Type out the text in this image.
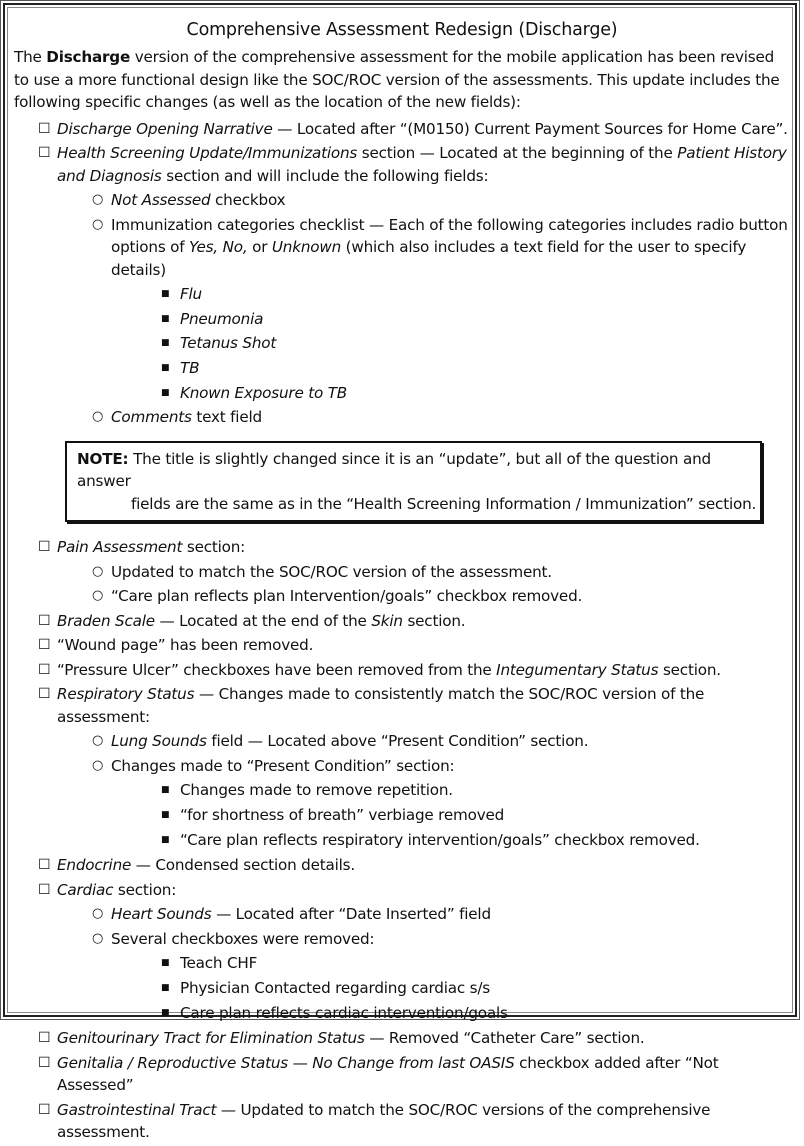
Comprehensive Assessment Redesign (Discharge)

The Discharge version of the comprehensive assessment for the mobile application has been revised to use a more functional design like the SOC/ROC version of the assessments. This update includes the following specific changes (as well as the location of the new fields):

☐ Discharge Opening Narrative — Located after “(M0150) Current Payment Sources for Home Care”.
☐ Health Screening Update/Immunizations section — Located at the beginning of the Patient History and Diagnosis section and will include the following fields:
○ Not Assessed checkbox
○ Immunization categories checklist — Each of the following categories includes radio button options of Yes, No, or Unknown (which also includes a text field for the user to specify details)
■ Flu
■ Pneumonia
■ Tetanus Shot
■ TB
■ Known Exposure to TB
○ Comments text field
NOTE: The title is slightly changed since it is an “update”, but all of the question and answer
fields are the same as in the “Health Screening Information / Immunization” section.
☐ Pain Assessment section:
○ Updated to match the SOC/ROC version of the assessment.
○ “Care plan reflects plan Intervention/goals” checkbox removed.
☐ Braden Scale — Located at the end of the Skin section.
☐ “Wound page” has been removed.
☐ “Pressure Ulcer” checkboxes have been removed from the Integumentary Status section.
☐ Respiratory Status — Changes made to consistently match the SOC/ROC version of the assessment:
○ Lung Sounds field — Located above “Present Condition” section.
○ Changes made to “Present Condition” section:
■ Changes made to remove repetition.
■ “for shortness of breath” verbiage removed
■ “Care plan reflects respiratory intervention/goals” checkbox removed.
☐ Endocrine — Condensed section details.
☐ Cardiac section:
○ Heart Sounds — Located after “Date Inserted” field
○ Several checkboxes were removed:
■ Teach CHF
■ Physician Contacted regarding cardiac s/s
■ Care plan reflects cardiac intervention/goals
☐ Genitourinary Tract for Elimination Status — Removed “Catheter Care” section.
☐ Genitalia / Reproductive Status — No Change from last OASIS checkbox added after “Not Assessed”
☐ Gastrointestinal Tract — Updated to match the SOC/ROC versions of the comprehensive assessment.
